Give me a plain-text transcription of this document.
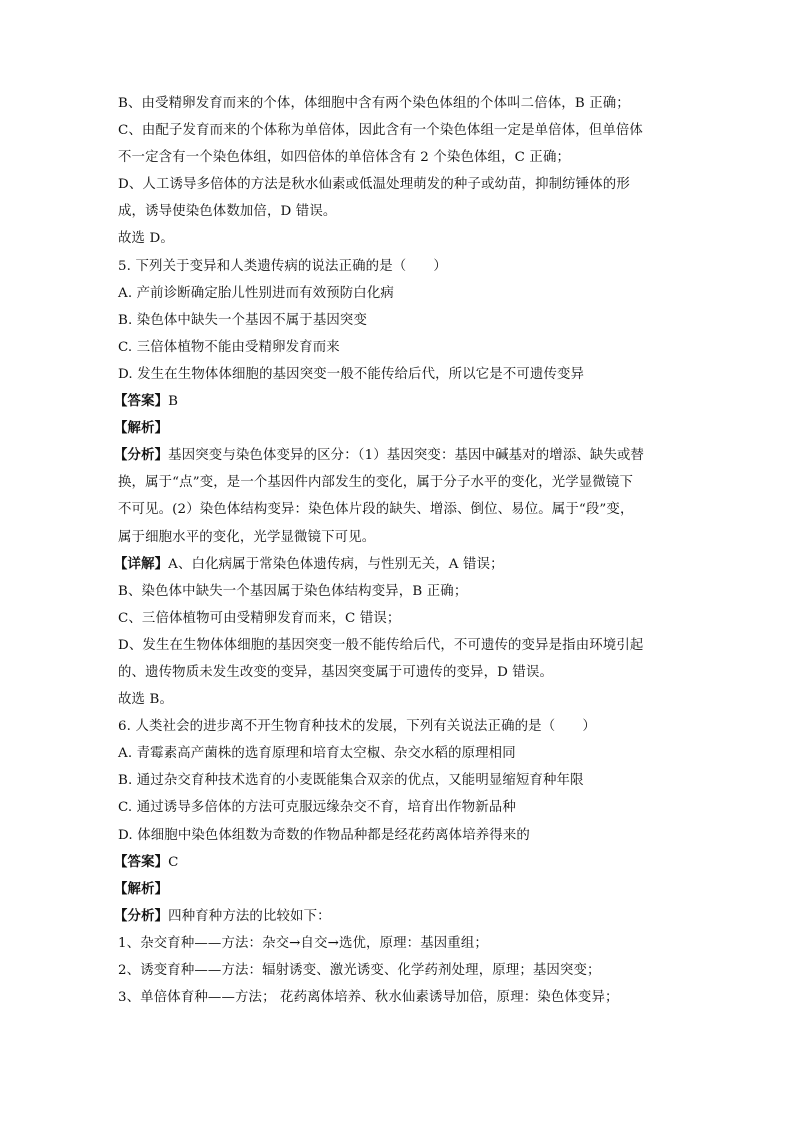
B、由受精卵发育而来的个体，体细胞中含有两个染色体组的个体叫二倍体，B 正确；
C、由配子发育而来的个体称为单倍体，因此含有一个染色体组一定是单倍体，但单倍体
不一定含有一个染色体组，如四倍体的单倍体含有 2 个染色体组，C 正确；
D、人工诱导多倍体的方法是秋水仙素或低温处理萌发的种子或幼苗，抑制纺锤体的形
成，诱导使染色体数加倍，D 错误。
故选 D。
5. 下列关于变异和人类遗传病的说法正确的是（　　）
A. 产前诊断确定胎儿性别进而有效预防白化病
B. 染色体中缺失一个基因不属于基因突变
C. 三倍体植物不能由受精卵发育而来
D. 发生在生物体体细胞的基因突变一般不能传给后代，所以它是不可遗传变异
【答案】B
【解析】
【分析】基因突变与染色体变异的区分：（1）基因突变：基因中碱基对的增添、缺失或替
换，属于“点”变，是一个基因件内部发生的变化，属于分子水平的变化，光学显微镜下
不可见。(2）染色体结构变异：染色体片段的缺失、增添、倒位、易位。属于“段”变，
属于细胞水平的变化，光学显微镜下可见。
【详解】A、白化病属于常染色体遗传病，与性别无关，A 错误；
B、染色体中缺失一个基因属于染色体结构变异，B 正确；
C、三倍体植物可由受精卵发育而来，C 错误；
D、发生在生物体体细胞的基因突变一般不能传给后代，不可遗传的变异是指由环境引起
的、遗传物质未发生改变的变异，基因突变属于可遗传的变异，D 错误。
故选 B。
6. 人类社会的进步离不开生物育种技术的发展，下列有关说法正确的是（　　）
A. 青霉素高产菌株的选育原理和培育太空椒、杂交水稻的原理相同
B. 通过杂交育种技术选育的小麦既能集合双亲的优点，又能明显缩短育种年限
C. 通过诱导多倍体的方法可克服远缘杂交不育，培育出作物新品种
D. 体细胞中染色体组数为奇数的作物品种都是经花药离体培养得来的
【答案】C
【解析】
【分析】四种育种方法的比较如下：
1、杂交育种——方法：杂交→自交→选优，原理：基因重组；
2、诱变育种——方法：辐射诱变、激光诱变、化学药剂处理，原理；基因突变；
3、单倍体育种——方法； 花药离体培养、秋水仙素诱导加倍，原理：染色体变异；
